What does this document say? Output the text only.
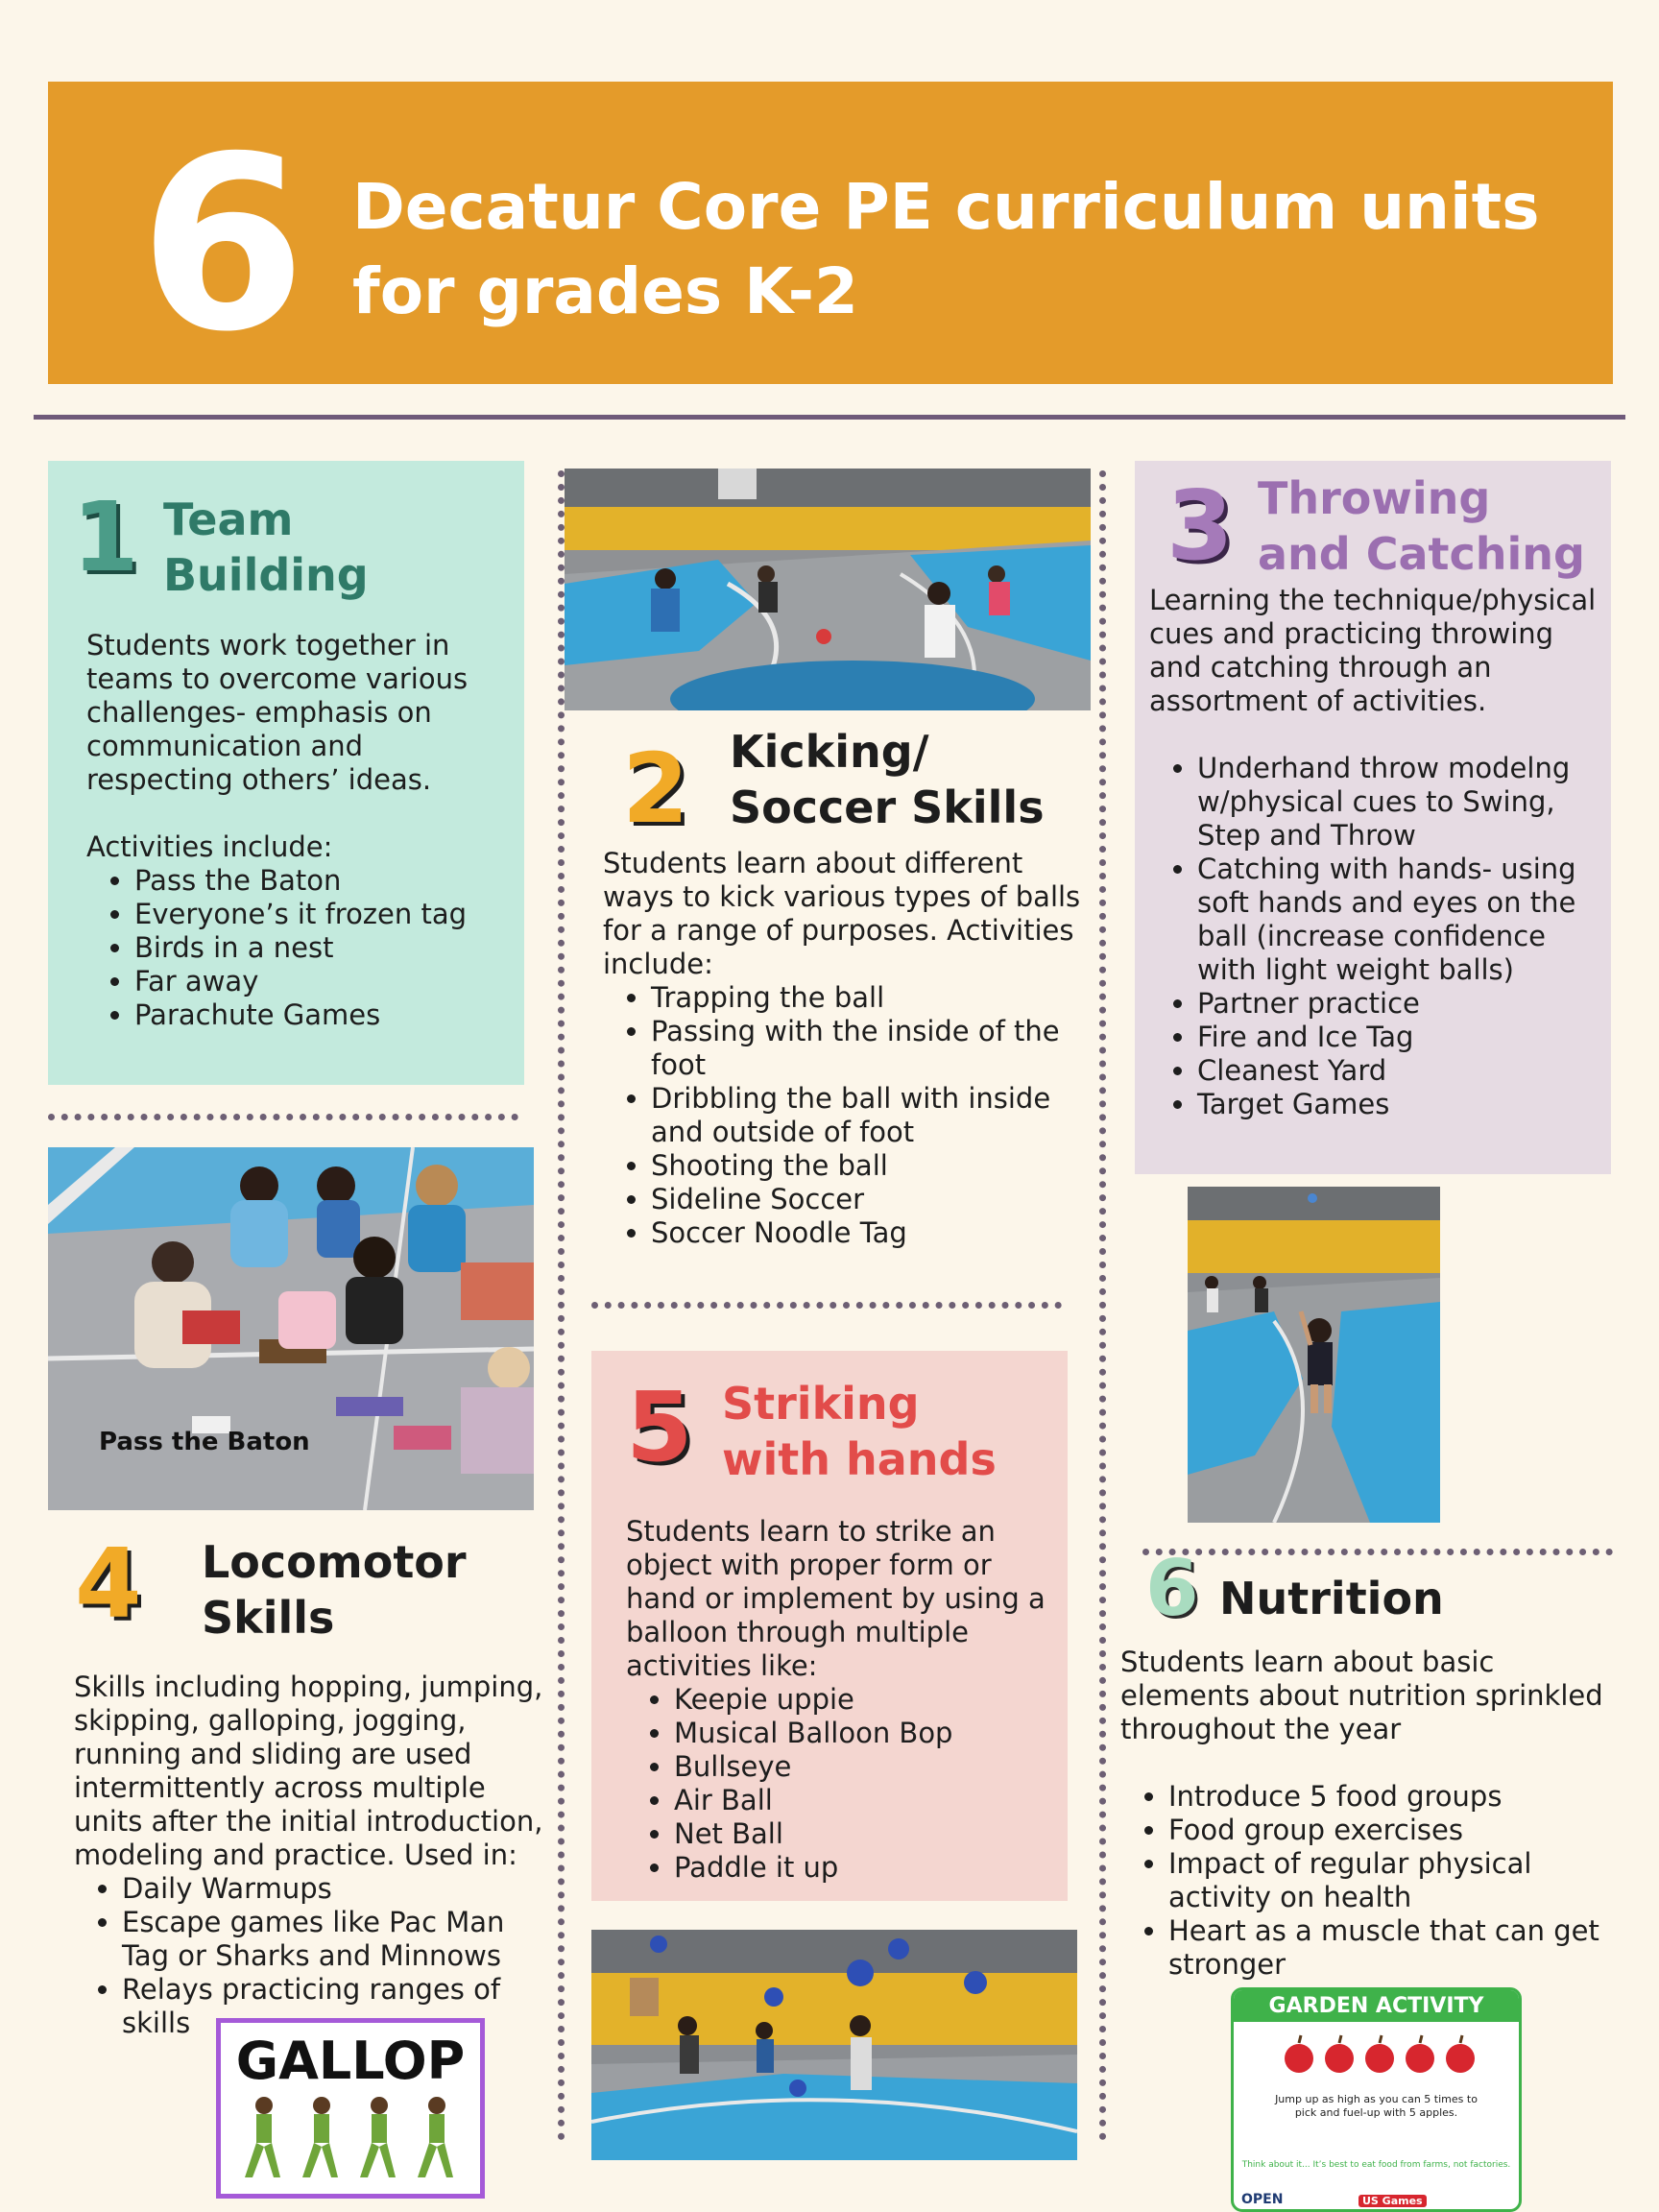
6 Decatur Core PE curriculum units for grades K-2
1 Team
Building

Students work together in teams to overcome various challenges- emphasis on communication and respecting others’ ideas.

Activities include:

• Pass the Baton
• Everyone’s it frozen tag
• Birds in a nest
• Far away
• Parachute Games
Pass the Baton
2 Kicking/
Soccer Skills

Students learn about different ways to kick various types of balls for a range of purposes. Activities include:

• Trapping the ball
• Passing with the inside of the foot
• Dribbling the ball with inside and outside of foot
• Shooting the ball
• Sideline Soccer
• Soccer Noodle Tag
3 Throwing
and Catching

Learning the technique/physical cues and practicing throwing and catching through an assortment of activities.

• Underhand throw modelng w/physical cues to Swing, Step and Throw
• Catching with hands- using soft hands and eyes on the ball (increase confidence with light weight balls)
• Partner practice
• Fire and Ice Tag
• Cleanest Yard
• Target Games
4 Locomotor
Skills

Skills including hopping, jumping, skipping, galloping, jogging, running and sliding are used intermittently across multiple units after the initial introduction, modeling and practice. Used in:

• Daily Warmups
• Escape games like Pac Man Tag or Sharks and Minnows
• Relays practicing ranges of skills
GALLOP
5 Striking
with hands

Students learn to strike an object with proper form or hand or implement by using a balloon through multiple activities like:

• Keepie uppie
• Musical Balloon Bop
• Bullseye
• Air Ball
• Net Ball
• Paddle it up
6 Nutrition

Students learn about basic elements about nutrition sprinkled throughout the year

• Introduce 5 food groups
• Food group exercises
• Impact of regular physical activity on health
• Heart as a muscle that can get stronger
GARDEN ACTIVITY
Jump up as high as you can 5 times to pick and fuel-up with 5 apples.
Think about it... It’s best to eat food from farms, not factories.
OPEN	US Games
